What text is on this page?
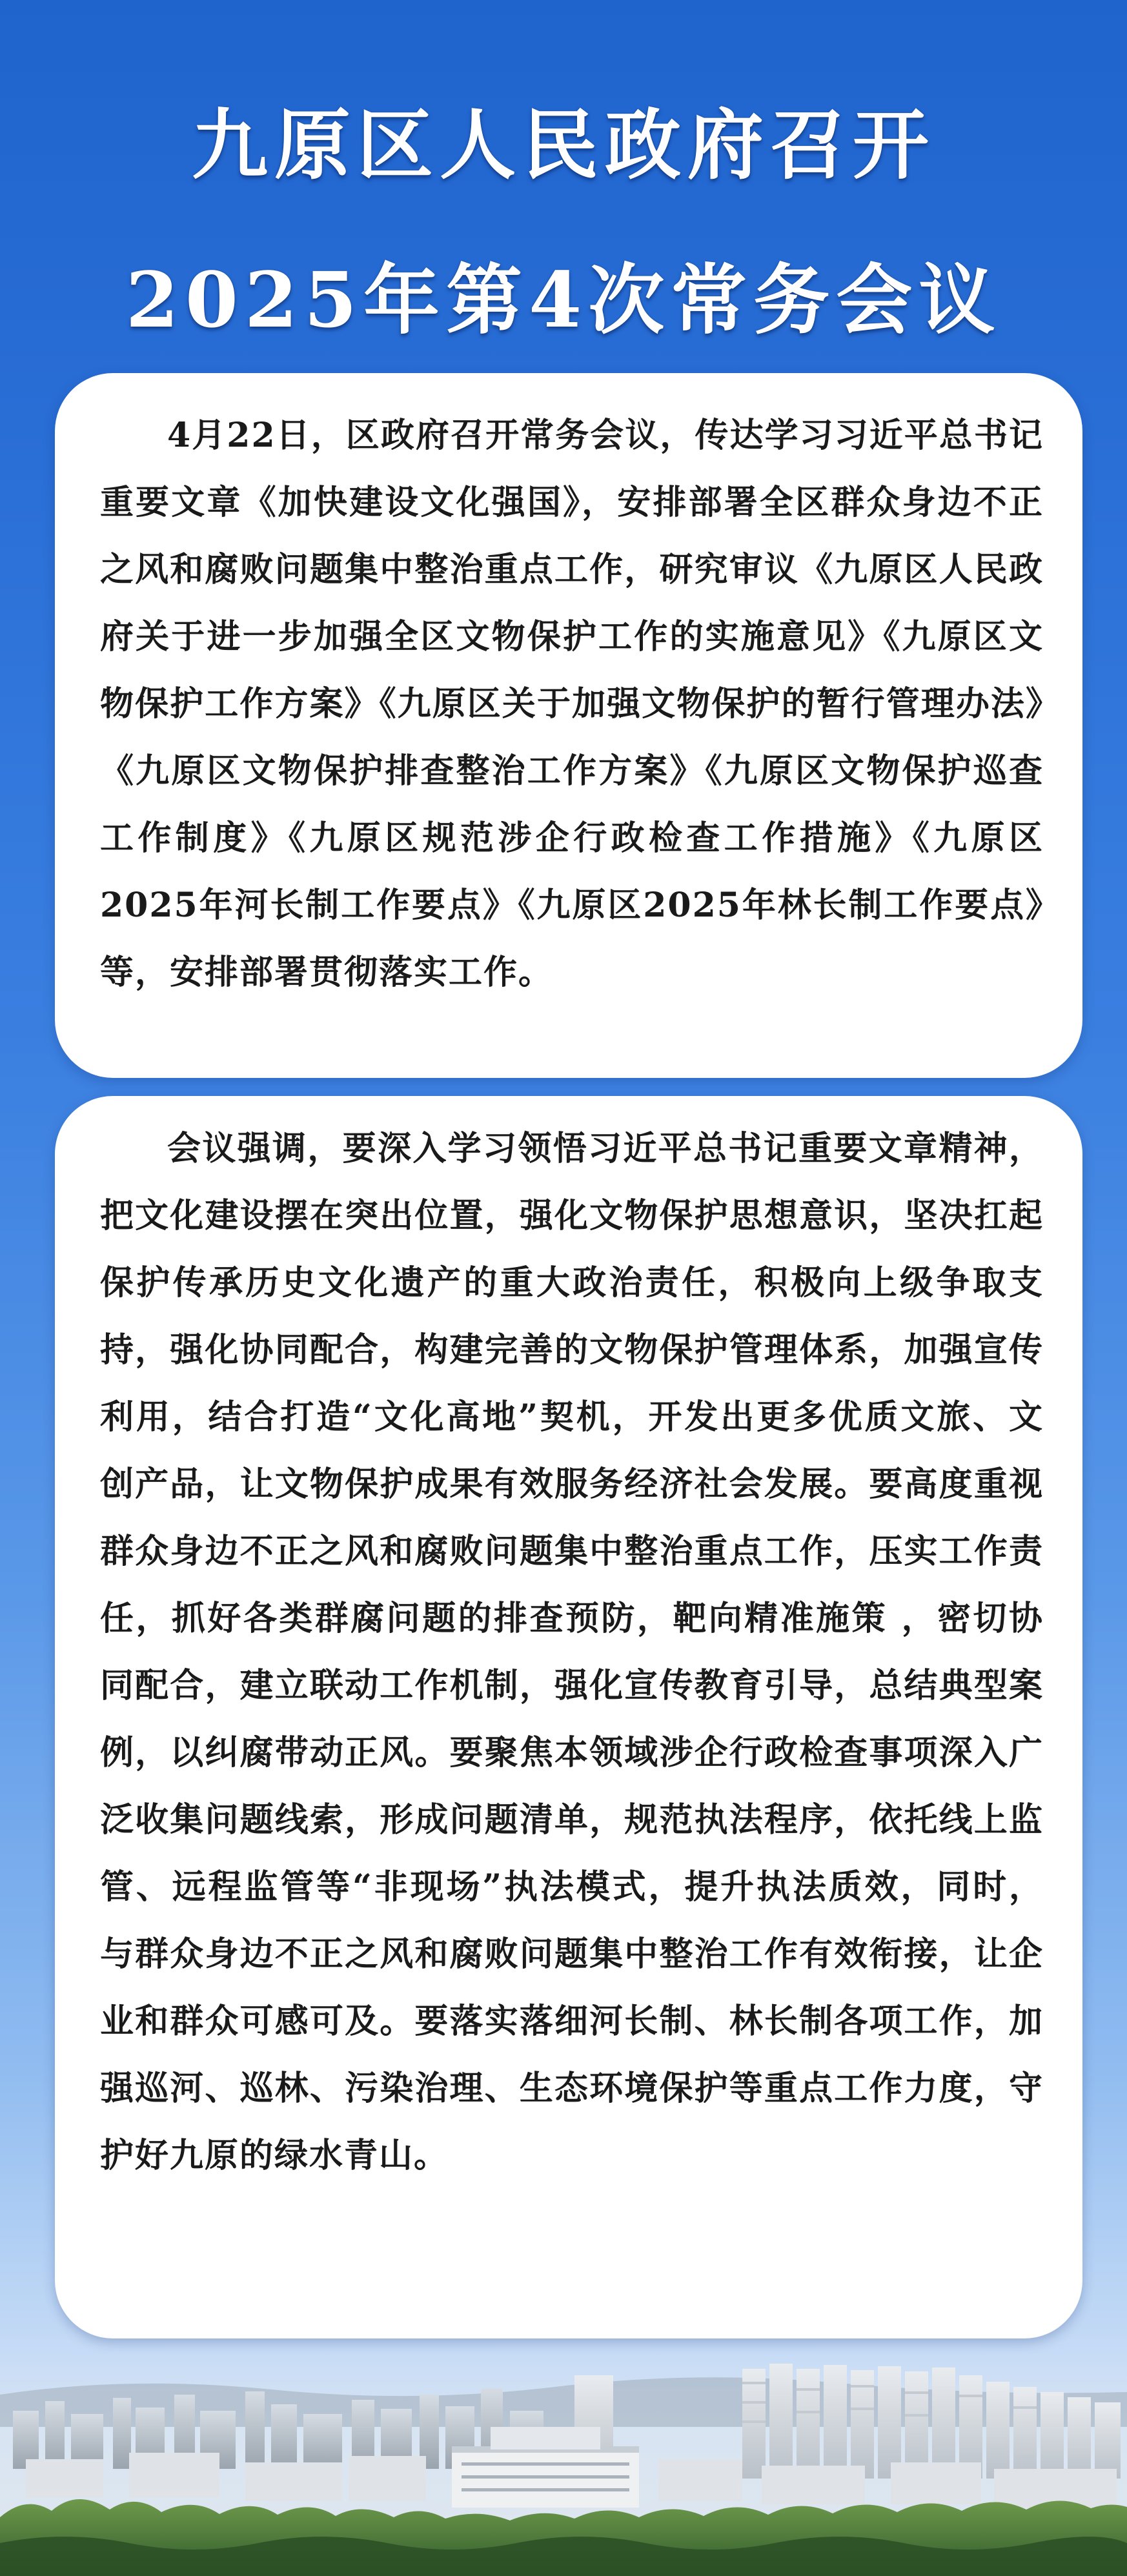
九原区人民政府召开
2025年第4次常务会议

4月22日，区政府召开常务会议，传达学习习近平总书记重要文章《加快建设文化强国》，安排部署全区群众身边不正之风和腐败问题集中整治重点工作，研究审议《九原区人民政府关于进一步加强全区文物保护工作的实施意见》《九原区文物保护工作方案》《九原区关于加强文物保护的暂行管理办法》《九原区文物保护排查整治工作方案》《九原区文物保护巡查工作制度》《九原区规范涉企行政检查工作措施》《九原区2025年河长制工作要点》《九原区2025年林长制工作要点》等，安排部署贯彻落实工作。

会议强调，要深入学习领悟习近平总书记重要文章精神，把文化建设摆在突出位置，强化文物保护思想意识，坚决扛起保护传承历史文化遗产的重大政治责任，积极向上级争取支持，强化协同配合，构建完善的文物保护管理体系，加强宣传利用，结合打造“文化高地”契机，开发出更多优质文旅、文创产品，让文物保护成果有效服务经济社会发展。要高度重视群众身边不正之风和腐败问题集中整治重点工作，压实工作责任，抓好各类群腐问题的排查预防，靶向精准施策 ，密切协同配合，建立联动工作机制，强化宣传教育引导，总结典型案例，以纠腐带动正风。要聚焦本领域涉企行政检查事项深入广泛收集问题线索，形成问题清单，规范执法程序，依托线上监管、远程监管等“非现场”执法模式，提升执法质效，同时，与群众身边不正之风和腐败问题集中整治工作有效衔接，让企业和群众可感可及。要落实落细河长制、林长制各项工作，加强巡河、巡林、污染治理、生态环境保护等重点工作力度，守护好九原的绿水青山。
